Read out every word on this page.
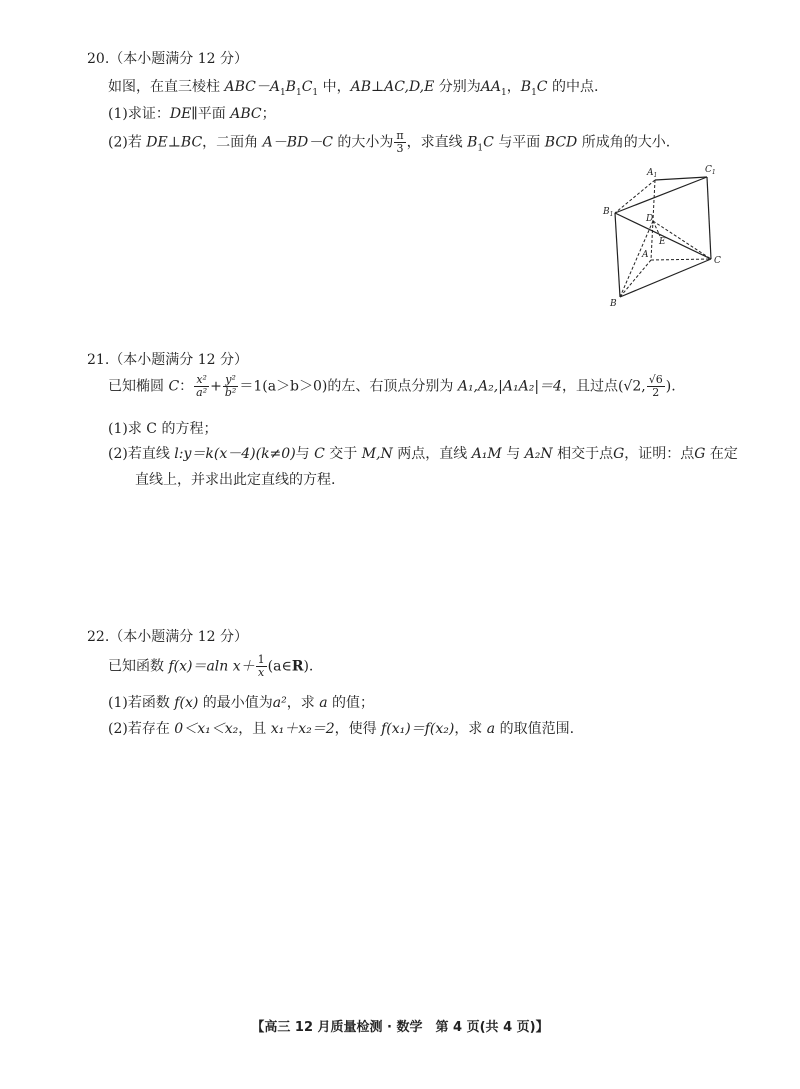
20.（本小题满分 12 分）
如图，在直三棱柱 $ABC-A_1B_1C_1$ 中，AB⊥AC,D,E 分别为$AA_1$，$B_1C$ 的中点.
(1)求证：DE∥平面 ABC；
(2)若 DE⊥BC，二面角 A－BD－C 的大小为 $\frac{\pi}{3}$ ，求直线 $B_1C$ 与平面 BCD 所成角的大小.
$A_1$
$C_1$
$B_1$	D
E
A
C
B
21.（本小题满分 12 分）
已知椭圆 C： $\frac{\text{x²}}{\text{a²}} + \frac{\text{y²}}{\text{b²}} =1(a>b>0)$的左、右顶点分别为 A₁,A₂,|A₁A₂|＝4，且过点(√2, $\frac{√6}{2}$ ).
(1)求 C 的方程；
(2)若直线 l:y＝k(x－4)(k≠0)与 C 交于 M,N 两点，直线 A₁M 与 A₂N 相交于点G，证明：点G 在定
直线上，并求出此定直线的方程.
22.（本小题满分 12 分）
已知函数 f(x)＝aln $x+ \frac{1}{x}$ (a∈R).
(1)若函数 f(x) 的最小值为a²，求 a 的值；
(2)若存在 0＜x₁＜x₂，且 x₁＋x₂＝2，使得 f(x₁)＝f(x₂)，求 a 的取值范围.
【高三 12 月质量检测 · 数学　第 4 页(共 4 页)】
